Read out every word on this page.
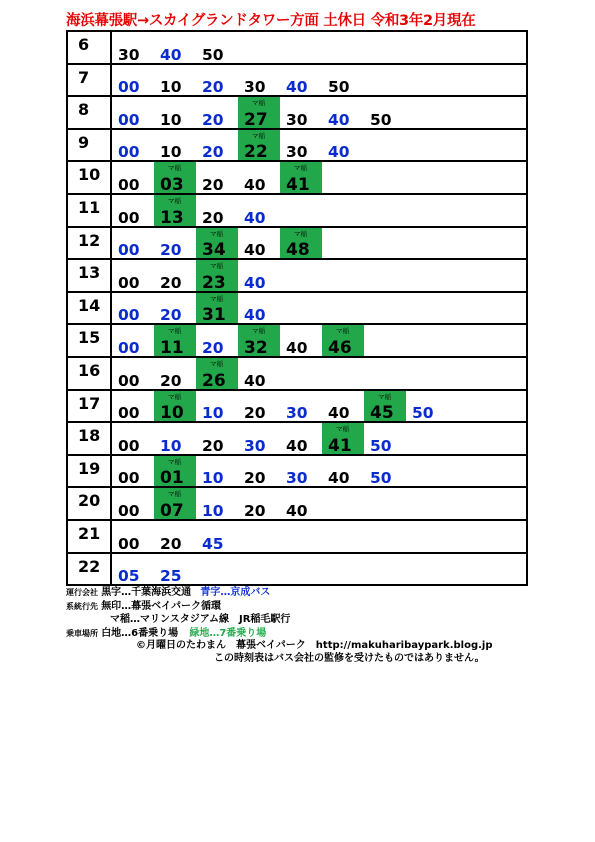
海浜幕張駅→スカイグランドタワー方面 土休日 令和3年2月現在
6
30 40 50
7
00 10 20 30 40 50
8
00 10 20
マ稲
27 30 40 50
9
00 10 20
マ稲
22 30 40
10
00
マ稲
03 20 40
マ稲
41
11
00
マ稲
13 20 40
12
00 20
マ稲
34 40
マ稲
48
13
00 20
マ稲
23 40
14
00 20
マ稲
31 40
15
00
マ稲
11 20
マ稲
32 40
マ稲
46
16
00 20
マ稲
26 40
17
00
マ稲
10 10 20 30 40
マ稲
45 50
18
00 10 20 30 40
マ稲
41 50
19
00
マ稲
01 10 20 30 40 50
20
00
マ稲
07 10 20 40
21
00 20 45
22
05 25
運行会社 黒字…千葉海浜交通 青字…京成バス
系統行先 無印…幕張ベイパーク循環
マ稲…マリンスタジアム線　JR稲毛駅行
乗車場所 白地…6番乗り場 緑地…7番乗り場
©月曜日のたわまん　幕張ベイパーク　http://makuharibaypark.blog.jp
この時刻表はバス会社の監修を受けたものではありません。
